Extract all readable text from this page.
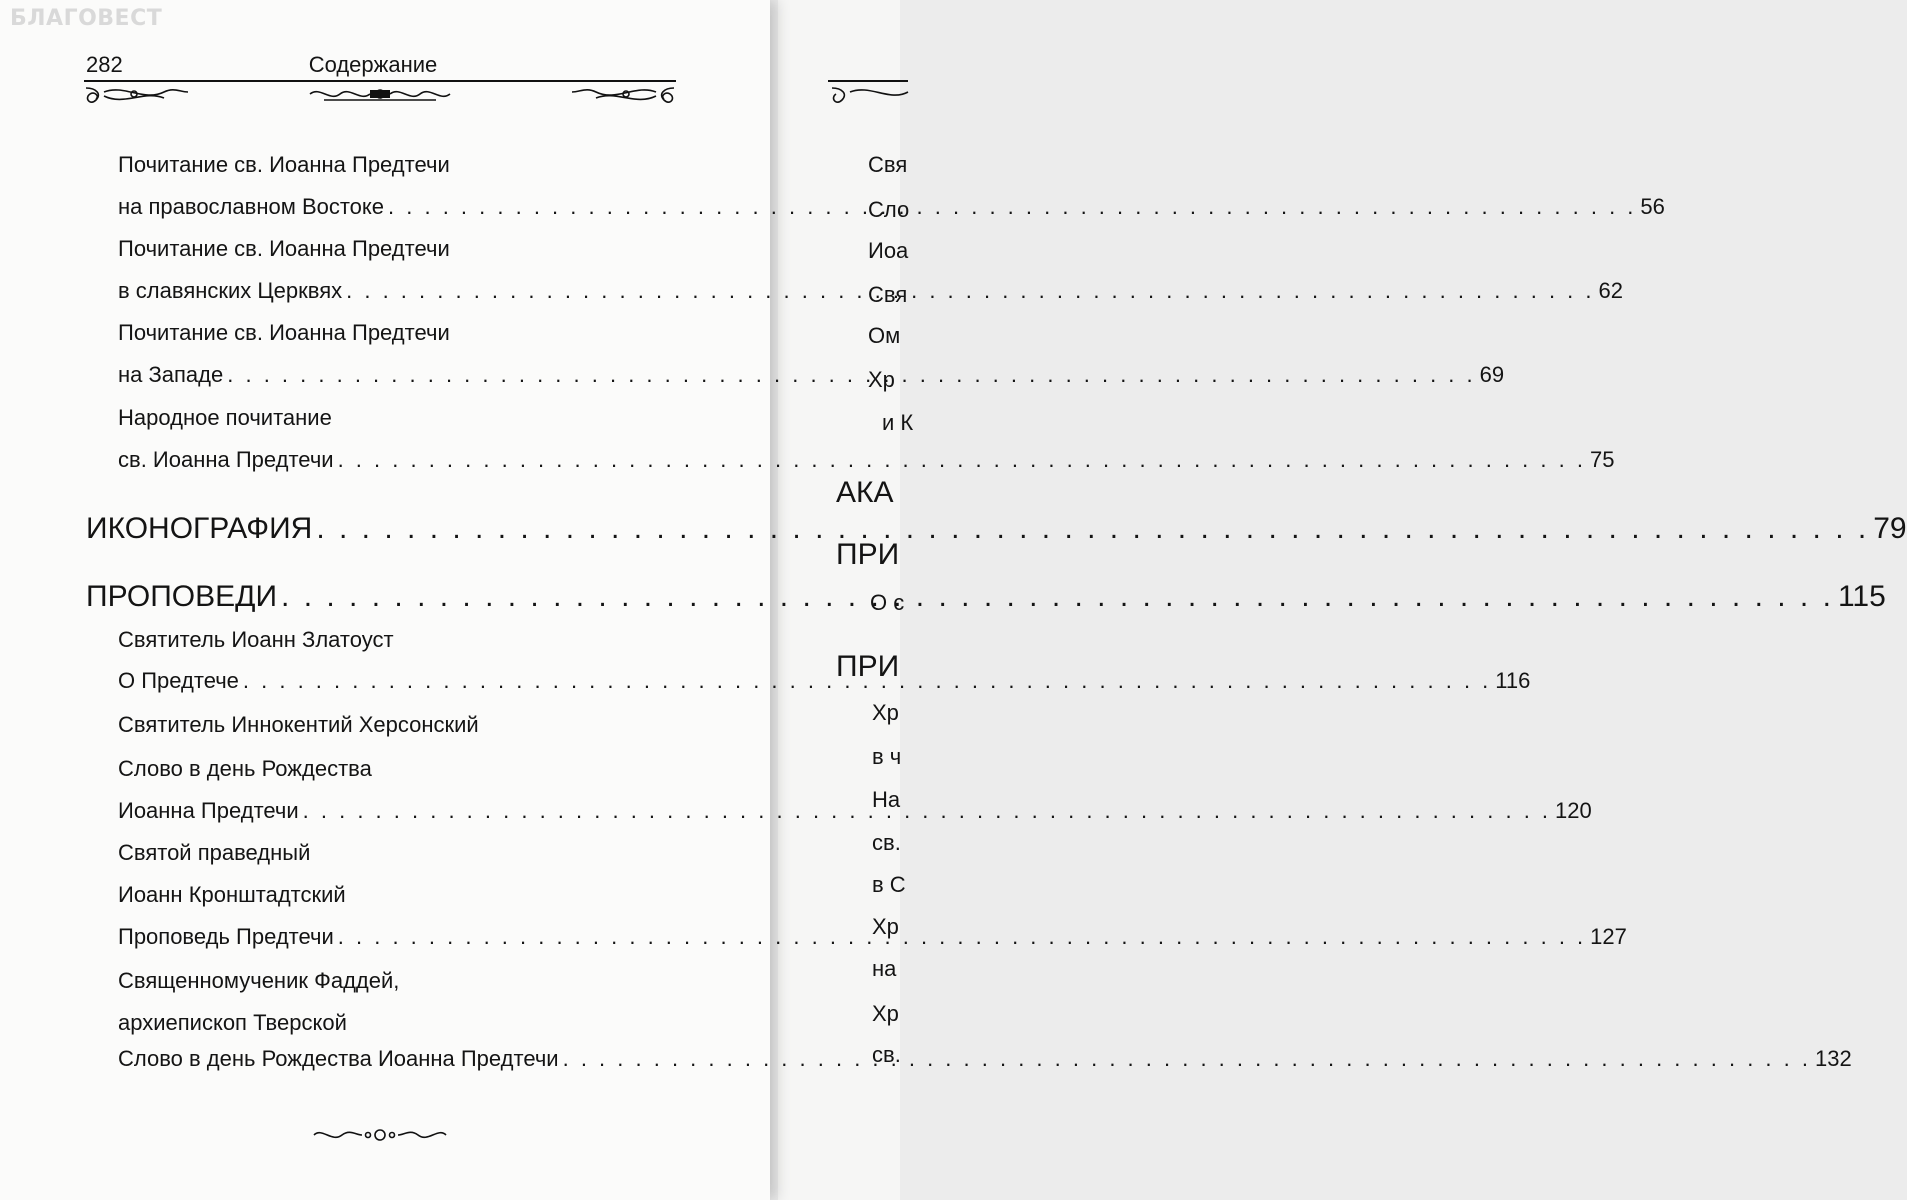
БЛАГОВЕСТ
282	Содержание
Почитание св. Иоанна Предтечи
на православном Востоке . . .	56
Почитание св. Иоанна Предтечи
в славянских Церквях . . .	62
Почитание св. Иоанна Предтечи
на Западе . . .	69
Народное почитание
св. Иоанна Предтечи . . .	75
ИКОНОГРАФИЯ . . .	79
ПРОПОВЕДИ . . .	115
Святитель Иоанн Златоуст
О Предтече . . .	116
Святитель Иннокентий Херсонский
Слово в день Рождества
Иоанна Предтечи . . .	120
Святой праведный
Иоанн Кронштадтский
Проповедь Предтечи . . .	127
Священномученик Фаддей,
архиепископ Тверской
Слово в день Рождества Иоанна Предтечи . . .	132
Свя
Сло
Иоа
Свя
Ом
Хр
и К
АКА
ПРИ
О с
ПРИ
Хр
в ч
На
св.
в С
Хр
на
Хр
св.
